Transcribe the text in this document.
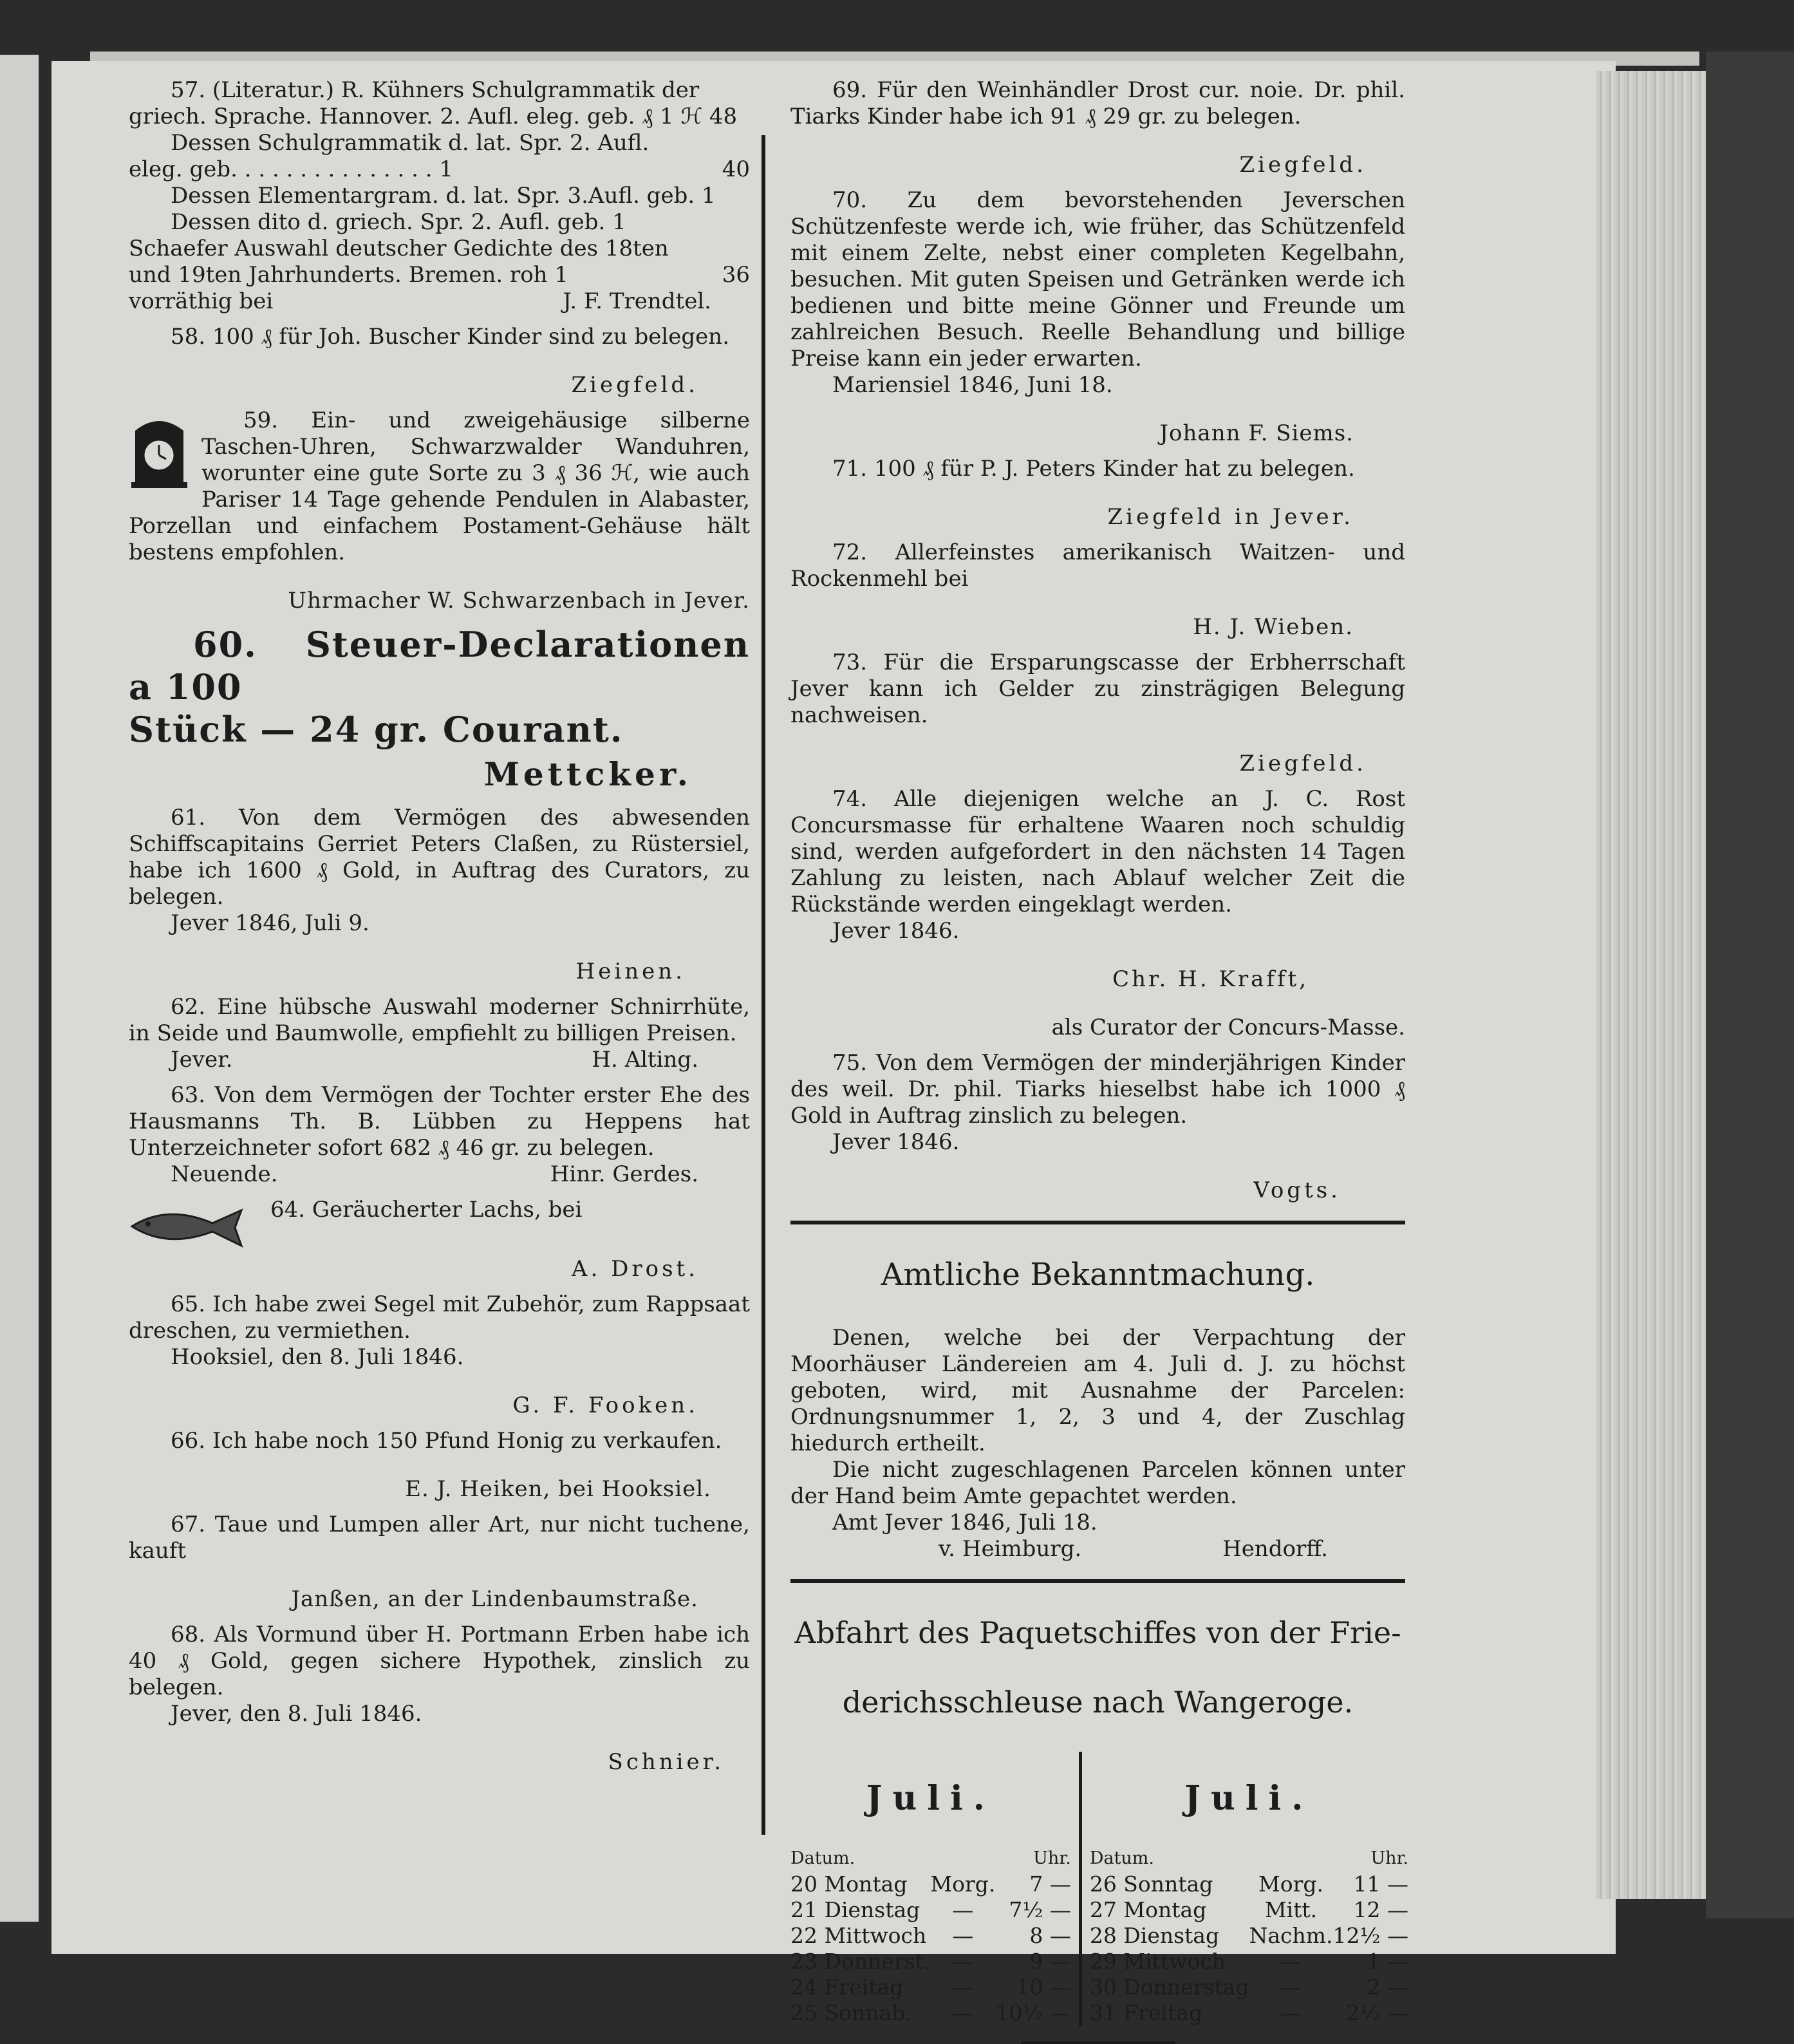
57. (Literatur.) R. Kühners Schulgrammatik der

griech. Sprache. Hannover. 2. Aufl. eleg. geb. ₰ 1 ℋ 48

Dessen Schulgrammatik d. lat. Spr. 2. Aufl.

eleg. geb. . . . . . . . . . . . . . . 1	40

Dessen Elementargram. d. lat. Spr. 3.Aufl. geb. 1

Dessen dito d. griech. Spr. 2. Aufl. geb. 1

Schaefer Auswahl deutscher Gedichte des 18ten

und 19ten Jahrhunderts. Bremen. roh 1	36
vorräthig bei	J. F. Trendtel.

58. 100 ₰ für Joh. Buscher Kinder sind zu belegen.

Ziegfeld.

59. Ein- und zweigehäusige silberne Taschen-Uhren, Schwarzwalder Wanduhren, worunter eine gute Sorte zu 3 ₰ 36 ℋ, wie auch Pariser 14 Tage gehende Pendulen in Alabaster, Porzellan und einfachem Postament-Gehäuse hält bestens empfohlen.

Uhrmacher W. Schwarzenbach in Jever.

60. Steuer-Declarationen a 100

Stück — 24 gr. Courant.

Mettcker.

61. Von dem Vermögen des abwesenden Schiffscapitains Gerriet Peters Claßen, zu Rüstersiel, habe ich 1600 ₰ Gold, in Auftrag des Curators, zu belegen.

Jever 1846, Juli 9.

Heinen.

62. Eine hübsche Auswahl moderner Schnirrhüte, in Seide und Baumwolle, empfiehlt zu billigen Preisen.

Jever.	H. Alting.

63. Von dem Vermögen der Tochter erster Ehe des Hausmanns Th. B. Lübben zu Heppens hat Unterzeichneter sofort 682 ₰ 46 gr. zu belegen.

Neuende.	Hinr. Gerdes.

64. Geräucherter Lachs, bei

A. Drost.

65. Ich habe zwei Segel mit Zubehör, zum Rappsaat dreschen, zu vermiethen.

Hooksiel, den 8. Juli 1846.

G. F. Fooken.

66. Ich habe noch 150 Pfund Honig zu verkaufen.

E. J. Heiken, bei Hooksiel.

67. Taue und Lumpen aller Art, nur nicht tuchene, kauft

Janßen, an der Lindenbaumstraße.

68. Als Vormund über H. Portmann Erben habe ich 40 ₰ Gold, gegen sichere Hypothek, zinslich zu belegen.

Jever, den 8. Juli 1846.

Schnier.

69. Für den Weinhändler Drost cur. noie. Dr. phil. Tiarks Kinder habe ich 91 ₰ 29 gr. zu belegen.

Ziegfeld.

70. Zu dem bevorstehenden Jeverschen Schützenfeste werde ich, wie früher, das Schützenfeld mit einem Zelte, nebst einer completen Kegelbahn, besuchen. Mit guten Speisen und Getränken werde ich bedienen und bitte meine Gönner und Freunde um zahlreichen Besuch. Reelle Behandlung und billige Preise kann ein jeder erwarten.

Mariensiel 1846, Juni 18.

Johann F. Siems.

71. 100 ₰ für P. J. Peters Kinder hat zu belegen.

Ziegfeld in Jever.

72. Allerfeinstes amerikanisch Waitzen- und Rockenmehl bei

H. J. Wieben.

73. Für die Ersparungscasse der Erbherrschaft Jever kann ich Gelder zu zinsträgigen Belegung nachweisen.

Ziegfeld.

74. Alle diejenigen welche an J. C. Rost Concursmasse für erhaltene Waaren noch schuldig sind, werden aufgefordert in den nächsten 14 Tagen Zahlung zu leisten, nach Ablauf welcher Zeit die Rückstände werden eingeklagt werden.

Jever 1846.

Chr. H. Krafft,

als Curator der Concurs-Masse.

75. Von dem Vermögen der minderjährigen Kinder des weil. Dr. phil. Tiarks hieselbst habe ich 1000 ₰ Gold in Auftrag zinslich zu belegen.

Jever 1846.

Vogts.

Amtliche Bekanntmachung.

Denen, welche bei der Verpachtung der Moorhäuser Ländereien am 4. Juli d. J. zu höchst geboten, wird, mit Ausnahme der Parcelen: Ordnungsnummer 1, 2, 3 und 4, der Zuschlag hiedurch ertheilt.

Die nicht zugeschlagenen Parcelen können unter der Hand beim Amte gepachtet werden.

Amt Jever 1846, Juli 18.

v. Heimburg.	Hendorff.

Abfahrt des Paquetschiffes von der Frie-

derichsschleuse nach Wangeroge.

Juli.

Datum.	Uhr.
20 Montag	Morg.	7 —
21 Dienstag	—	7½ —
22 Mittwoch	—	8 —
23 Donnerst.	—	9 —
24 Freitag	—	10 —
25 Sonnab.	—	10½ —

Juli.

Datum.	Uhr.
26 Sonntag	Morg.	11 —
27 Montag	Mitt.	12 —
28 Dienstag	Nachm.	12½ —
29 Mittwoch	—	1 —
30 Donnerstag	—	2 —
31 Freitag	—	2½ —
